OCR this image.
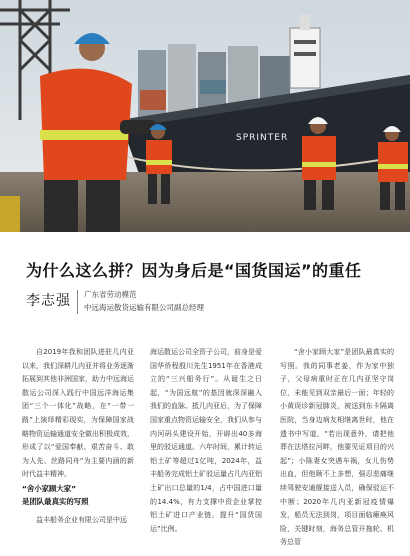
SPRINTER
为什么这么拼？因为身后是“国货国运”的重任
李志强 广东省劳动模范
中远海运散货运输有限公司副总经理

自2019年我和团队进驻几内亚以来，我们深耕几内亚并将业务逐渐拓展到其他非洲国家，助力中远海运散运公司深入践行中国远洋海运集团“三个一体化”战略，在“一带一路”上演绎精彩现实，为保障国家战略物资运输通道安全做出积极成效，形成了以“爱国奉献、艰苦奋斗、敢为人先、丝路同舟”为主要内涵的新时代益丰精神。

“舍小家顾大家”
是团队最真实的写照

益丰船务企业有限公司是中远

海运散运公司全资子公司，前身是爱国华侨程殷川先生1951年在香港成立的“三兴船务行”。从诞生之日起，“为国远航”的基因就深深融入我们的血脉。抵几内亚后，为了保障国家重点物资运输安全，我们从参与内河码头建设开始，开辟出40多海里的驳运通道。六年时间，累计转运铝土矿等超过1亿吨，2024年，益丰船务完成铝土矿驳运量占几内亚铝土矿出口总量的1/4，占中国进口量的14.4%，有力支撑中资企业掌控铝土矿进口产业链，提升“国货国运”比例。

“舍小家顾大家”是团队最真实的写照。我的同事老姜，作为家中独子，父母病重时正在几内亚坚守岗位，未能见到双亲最后一面；年轻的小黄误诊新冠肺炎，被送到东卡隔离医院，当身边病友相继离世时，他在遗书中写道，“若出现意外，请把他葬在法塔拉河畔，他要见证项目的兴起”；小陈妻女突遇车祸，女儿伤势出血，但他顾不上多想，强忍悲痛继续驾驶安通舰接送人员，确保驳运不中断；2020年几内亚新冠疫情爆发，船员无法到岗，项目面临瘫痪风险，关键时刻，海务总管开拖轮、机务总管
